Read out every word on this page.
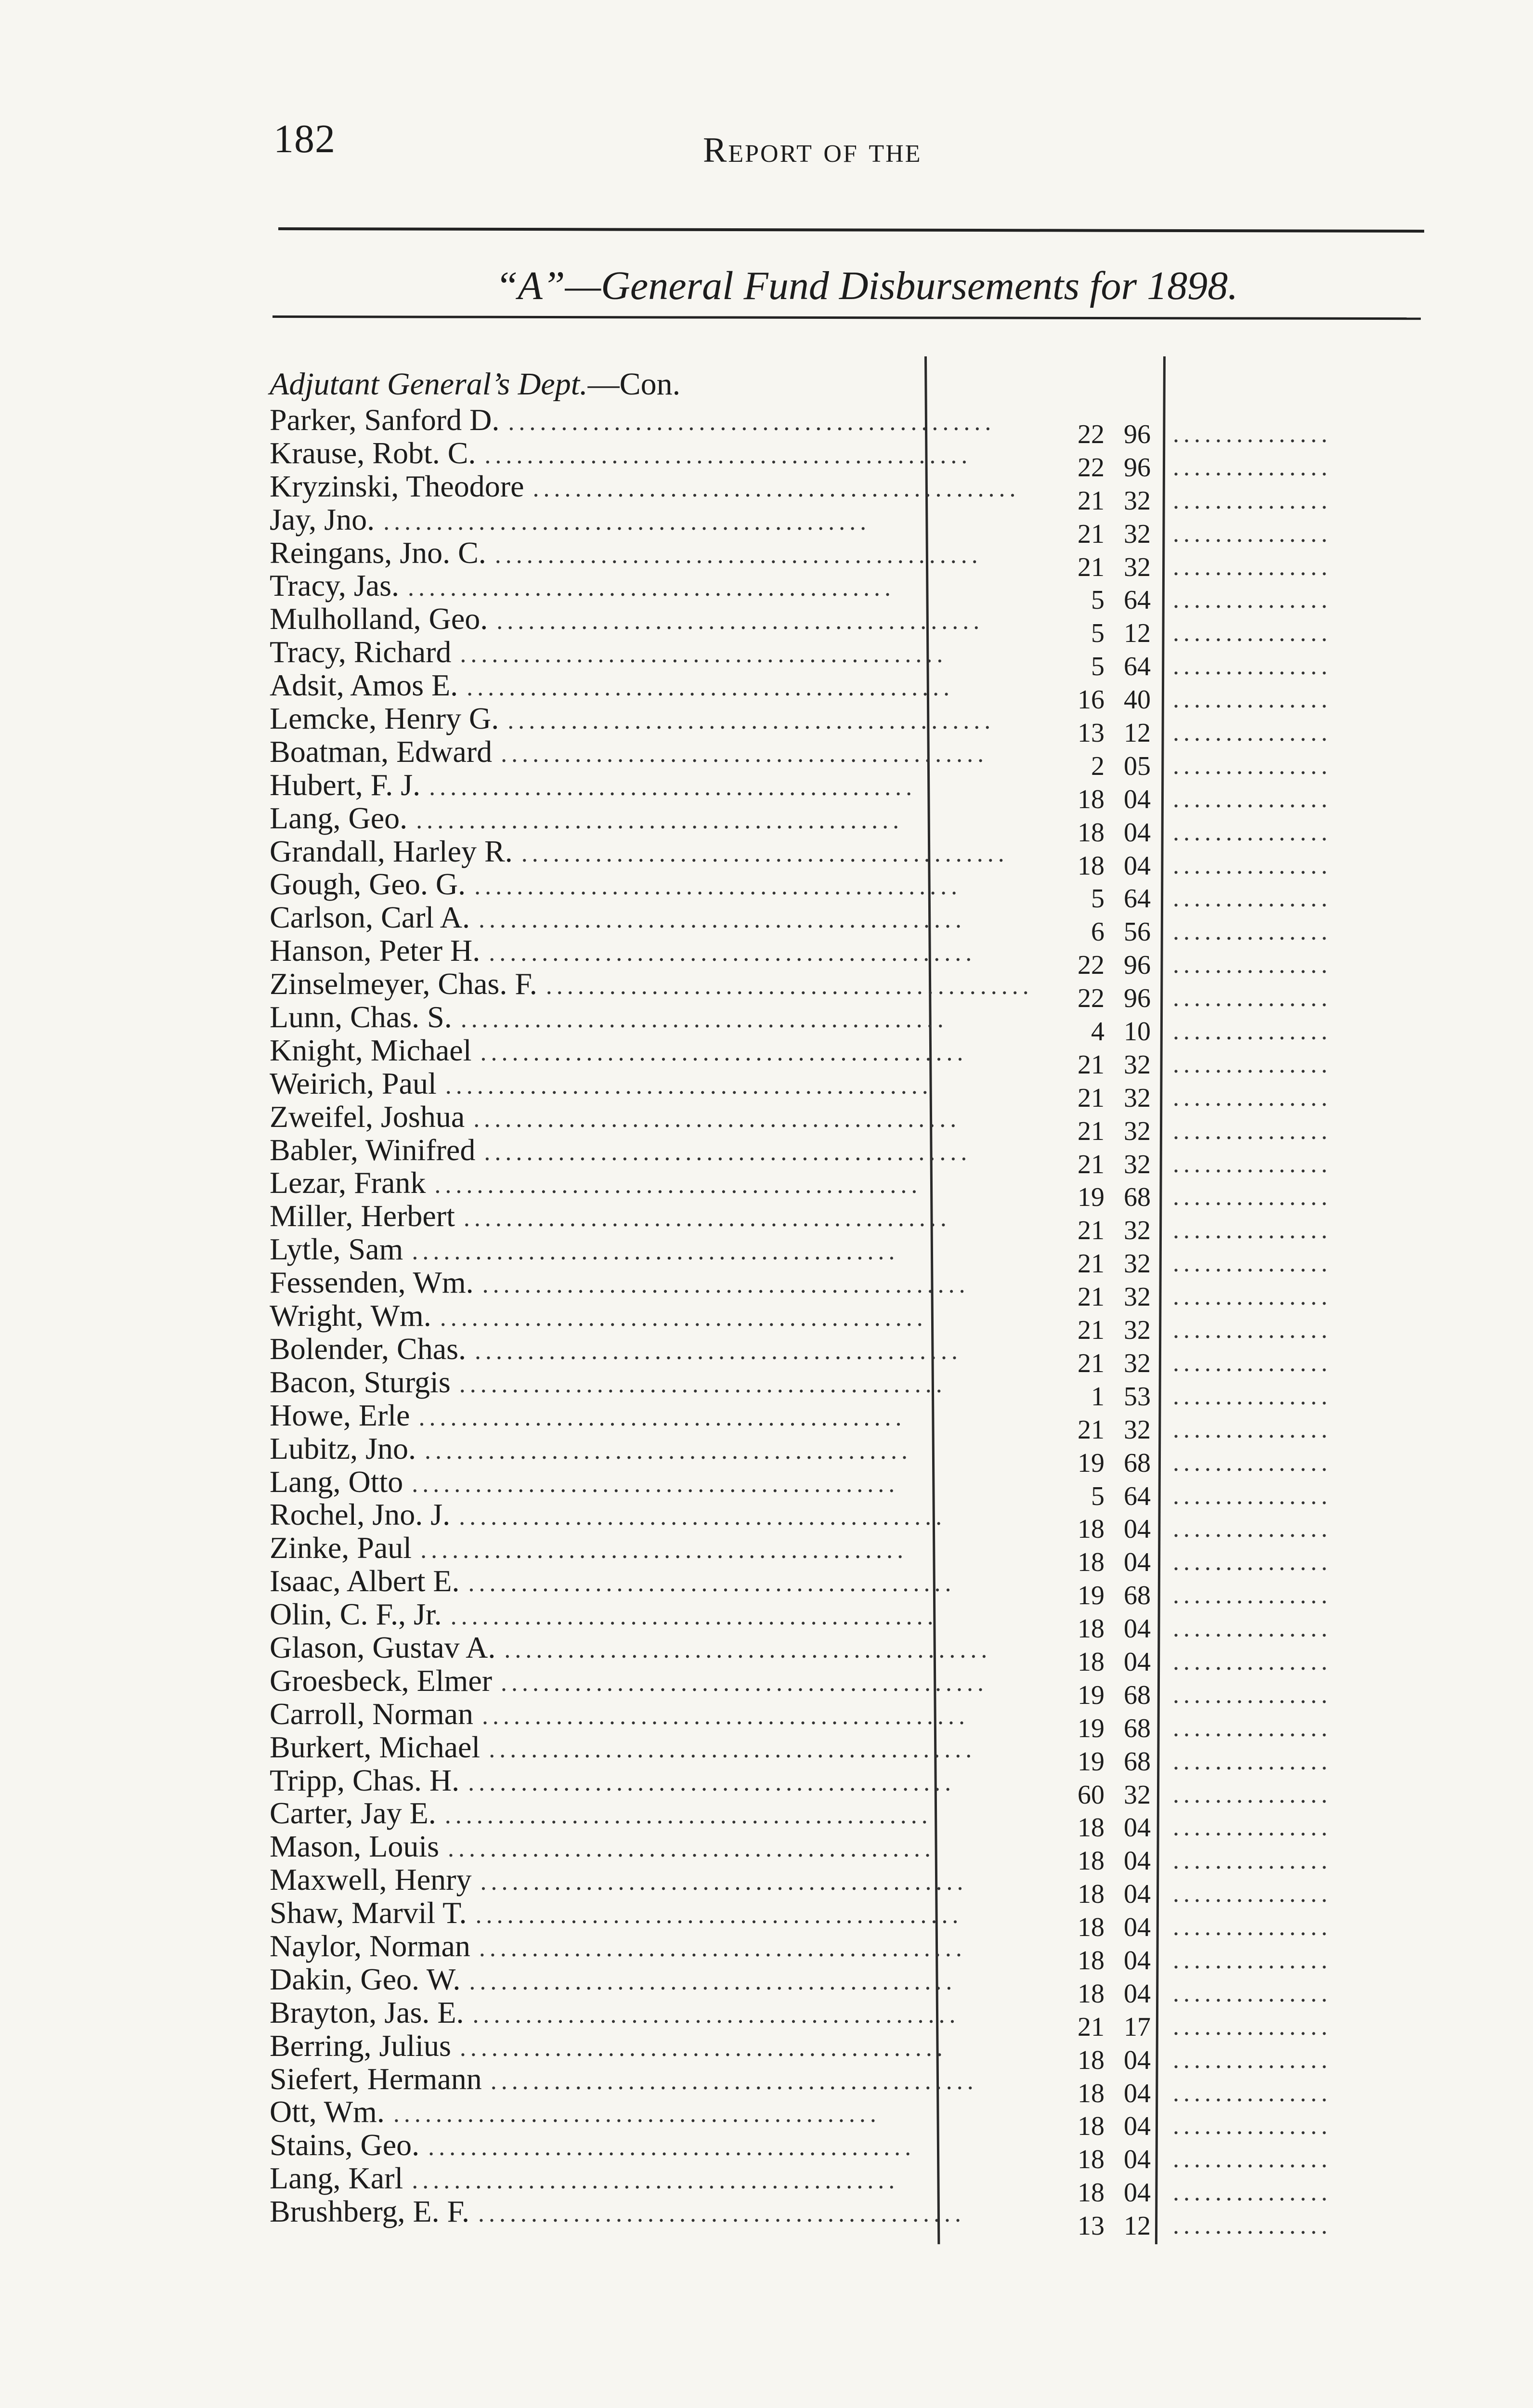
182	Report of the
“A”—General Fund Disbursements for 1898.
Adjutant General’s Dept.—Con.
Parker, Sanford D. ..............................................
Krause, Robt. C. ..............................................
Kryzinski, Theodore ..............................................
Jay, Jno. ..............................................
Reingans, Jno. C. ..............................................
Tracy, Jas. ..............................................
Mulholland, Geo. ..............................................
Tracy, Richard ..............................................
Adsit, Amos E. ..............................................
Lemcke, Henry G. ..............................................
Boatman, Edward ..............................................
Hubert, F. J. ..............................................
Lang, Geo. ..............................................
Grandall, Harley R. ..............................................
Gough, Geo. G. ..............................................
Carlson, Carl A. ..............................................
Hanson, Peter H. ..............................................
Zinselmeyer, Chas. F. ..............................................
Lunn, Chas. S. ..............................................
Knight, Michael ..............................................
Weirich, Paul ..............................................
Zweifel, Joshua ..............................................
Babler, Winifred ..............................................
Lezar, Frank ..............................................
Miller, Herbert ..............................................
Lytle, Sam ..............................................
Fessenden, Wm. ..............................................
Wright, Wm. ..............................................
Bolender, Chas. ..............................................
Bacon, Sturgis ..............................................
Howe, Erle ..............................................
Lubitz, Jno. ..............................................
Lang, Otto ..............................................
Rochel, Jno. J. ..............................................
Zinke, Paul ..............................................
Isaac, Albert E. ..............................................
Olin, C. F., Jr. ..............................................
Glason, Gustav A. ..............................................
Groesbeck, Elmer ..............................................
Carroll, Norman ..............................................
Burkert, Michael ..............................................
Tripp, Chas. H. ..............................................
Carter, Jay E. ..............................................
Mason, Louis ..............................................
Maxwell, Henry ..............................................
Shaw, Marvil T. ..............................................
Naylor, Norman ..............................................
Dakin, Geo. W. ..............................................
Brayton, Jas. E. ..............................................
Berring, Julius ..............................................
Siefert, Hermann ..............................................
Ott, Wm. ..............................................
Stains, Geo. ..............................................
Lang, Karl ..............................................
Brushberg, E. F. ..............................................
22 96
22 96
21 32
21 32
21 32
5 64
5 12
5 64
16 40
13 12
2 05
18 04
18 04
18 04
5 64
6 56
22 96
22 96
4 10
21 32
21 32
21 32
21 32
19 68
21 32
21 32
21 32
21 32
21 32
1 53
21 32
19 68
5 64
18 04
18 04
19 68
18 04
18 04
19 68
19 68
19 68
60 32
18 04
18 04
18 04
18 04
18 04
18 04
21 17
18 04
18 04
18 04
18 04
18 04
13 12
...............
...............
...............
...............
...............
...............
...............
...............
...............
...............
...............
...............
...............
...............
...............
...............
...............
...............
...............
...............
...............
...............
...............
...............
...............
...............
...............
...............
...............
...............
...............
...............
...............
...............
...............
...............
...............
...............
...............
...............
...............
...............
...............
...............
...............
...............
...............
...............
...............
...............
...............
...............
...............
...............
...............
